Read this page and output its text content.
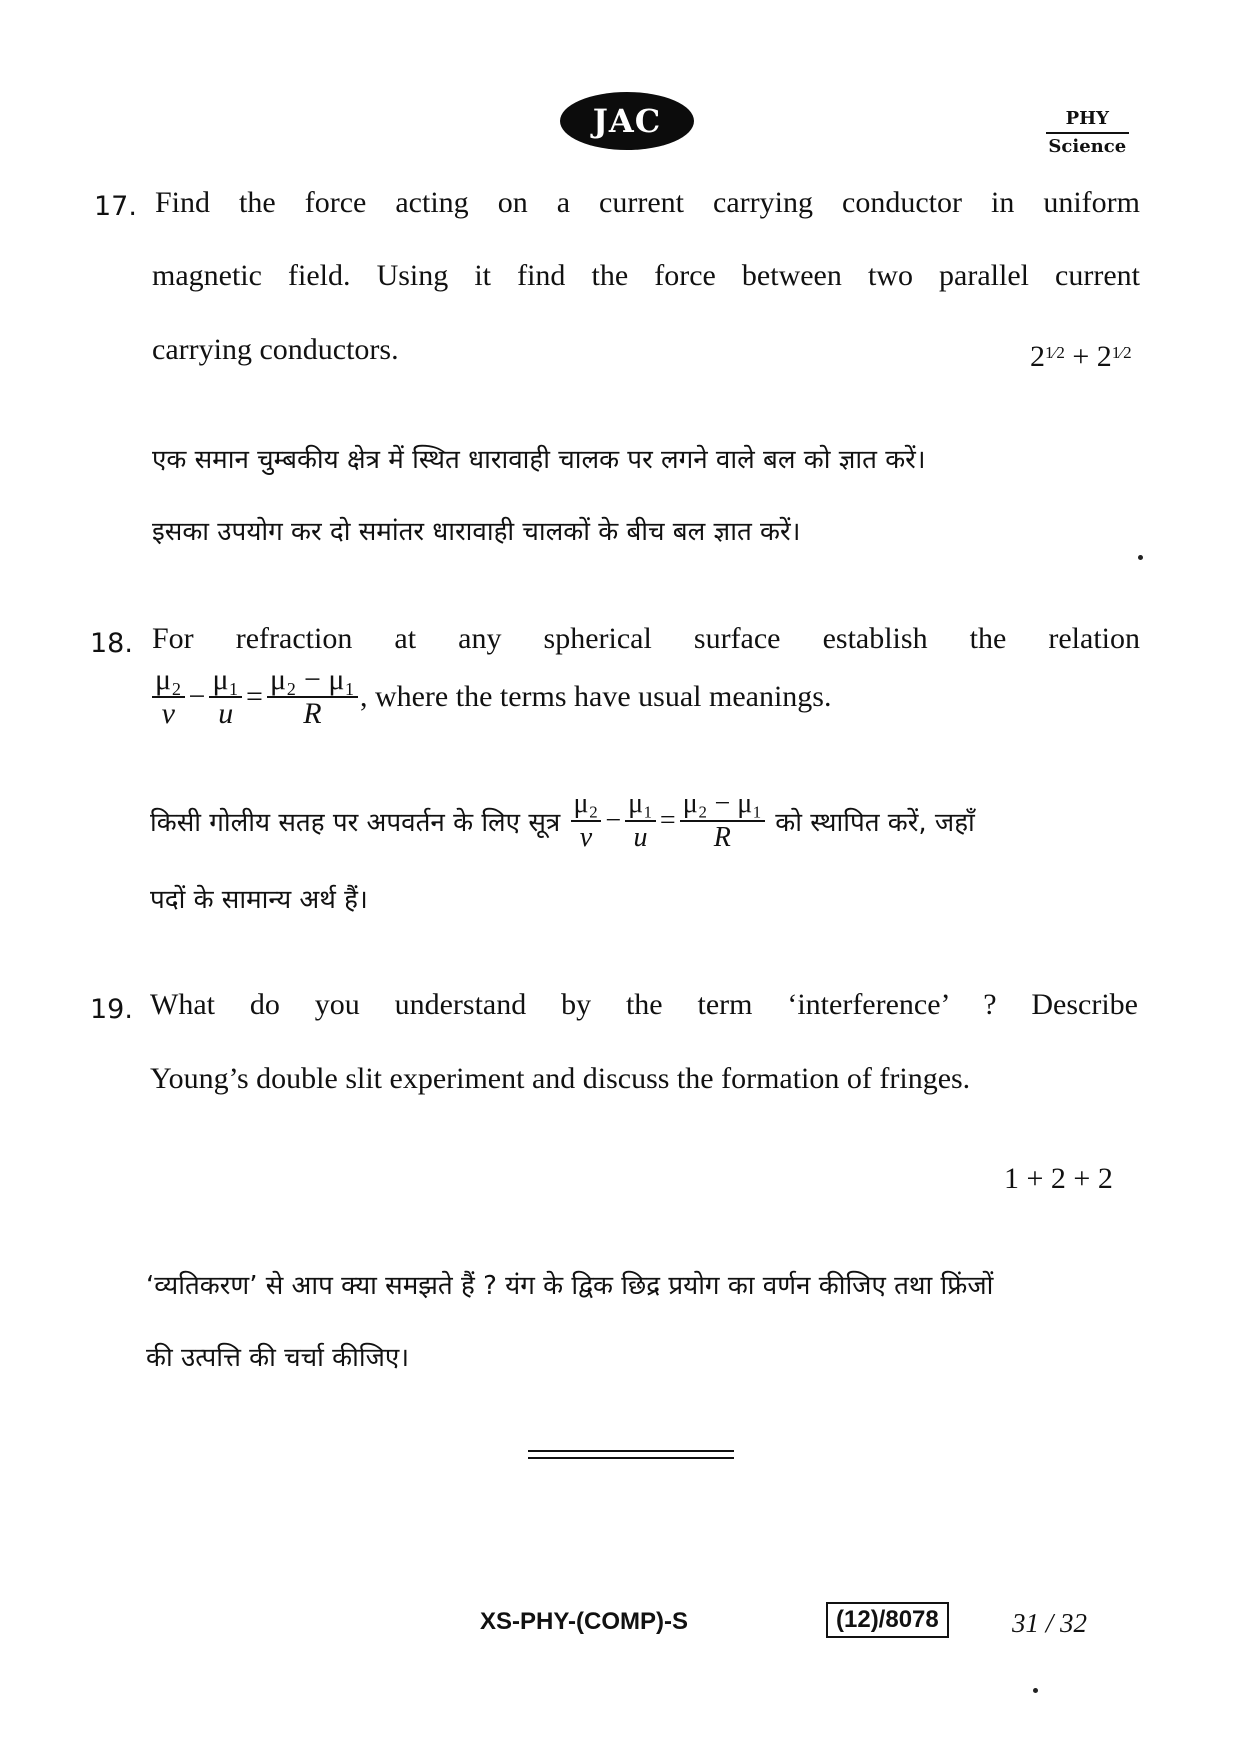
JAC	PHY
Science
17. Find the force acting on a current carrying conductor in uniform
magnetic field. Using it find the force between two parallel current
carrying conductors.	$2^{1⁄2} + 2^{1⁄2}$
एक समान चुम्बकीय क्षेत्र में स्थित धारावाही चालक पर लगने वाले बल को ज्ञात करें।
इसका उपयोग कर दो समांतर धारावाही चालकों के बीच बल ज्ञात करें।
18. For refraction at any spherical surface establish the relation
$\frac{\text{μ₂}}{v} - \frac{\text{μ₁}}{u} = \frac{\text{μ₂ − μ₁}}{R}$ , where the terms have usual meanings.
किसी गोलीय सतह पर अपवर्तन के लिए सूत्र $\frac{\text{μ₂}}{v} - \frac{\text{μ₁}}{u} = \frac{\text{μ₂ − μ₁}}{R}$ को स्थापित करें, जहाँ
पदों के सामान्य अर्थ हैं।
19. What do you understand by the term ‘interference’ ? Describe
Young’s double slit experiment and discuss the formation of fringes.
1 + 2 + 2
‘व्यतिकरण’ से आप क्या समझते हैं ? यंग के द्विक छिद्र प्रयोग का वर्णन कीजिए तथा फ्रिंजों
की उत्पत्ति की चर्चा कीजिए।
XS-PHY-(COMP)-S	(12)/8078	31 / 32
